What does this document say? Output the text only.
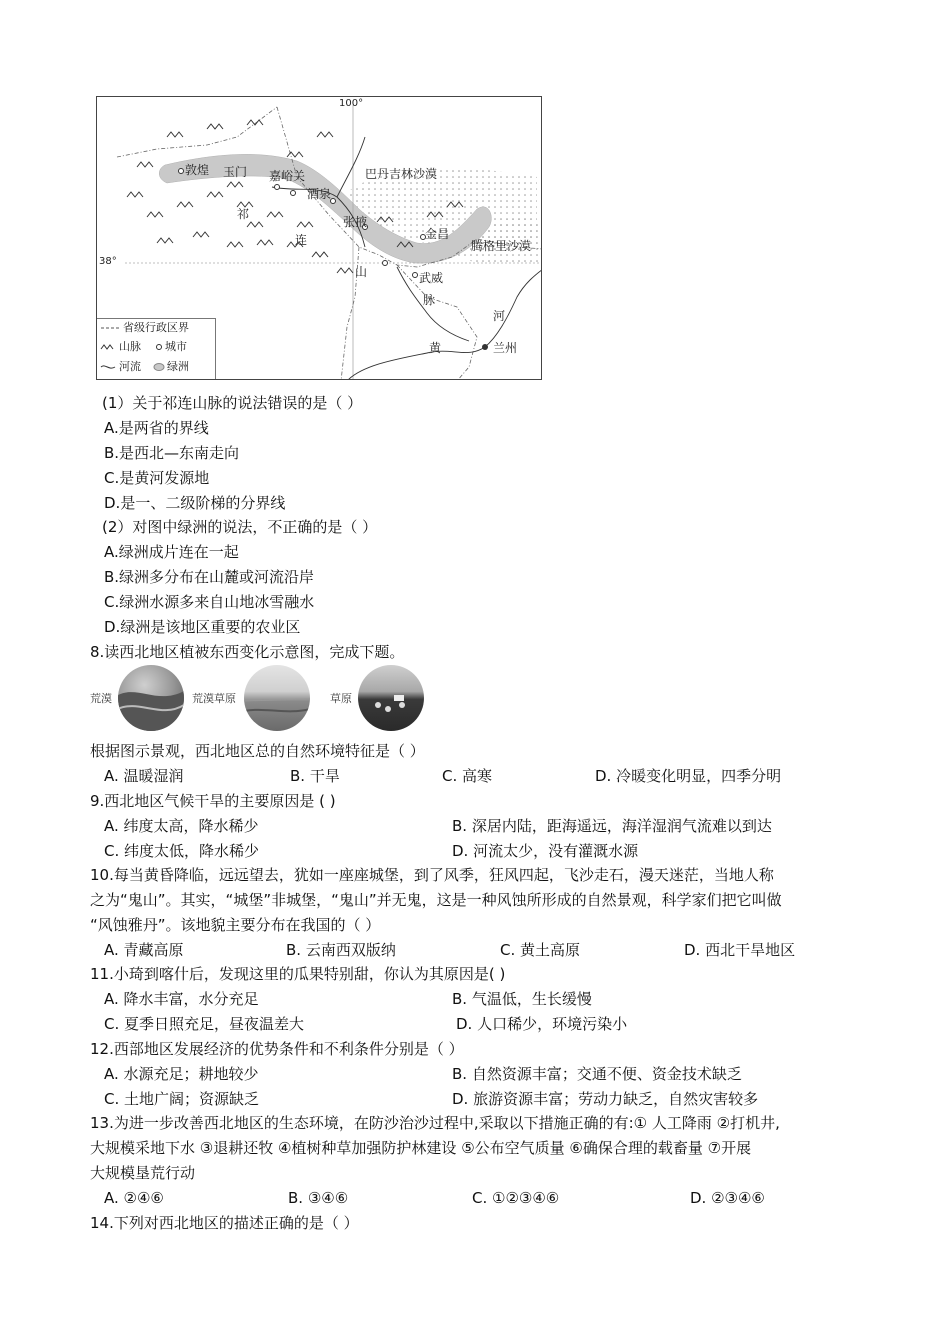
100°
38°
敦煌 玉门 嘉峪关
酒泉
巴丹吉林沙漠
祁
连
张掖
金昌
腾格里沙漠
山	武威
脉
河
黄	兰州
省级行政区界
山脉 城市
河流 绿洲
(1）关于祁连山脉的说法错误的是（ ）
A.是两省的界线
B.是西北—东南走向
C.是黄河发源地
D.是一、二级阶梯的分界线
(2）对图中绿洲的说法，不正确的是（ ）
A.绿洲成片连在一起
B.绿洲多分布在山麓或河流沿岸
C.绿洲水源多来自山地冰雪融水
D.绿洲是该地区重要的农业区
8.读西北地区植被东西变化示意图，完成下题。
荒漠	荒漠草原	草原
根据图示景观，西北地区总的自然环境特征是（ ）
A. 温暖湿润	B. 干旱	C. 高寒	D. 冷暖变化明显，四季分明
9.西北地区气候干旱的主要原因是 ( )
A. 纬度太高，降水稀少	B. 深居内陆，距海遥远，海洋湿润气流难以到达
C. 纬度太低，降水稀少	D. 河流太少，没有灌溉水源
10.每当黄昏降临，远远望去，犹如一座座城堡，到了风季，狂风四起，飞沙走石，漫天迷茫，当地人称
之为“鬼山”。其实，“城堡”非城堡，“鬼山”并无鬼，这是一种风蚀所形成的自然景观，科学家们把它叫做
“风蚀雅丹”。该地貌主要分布在我国的（ ）
A. 青藏高原	B. 云南西双版纳	C. 黄土高原	D. 西北干旱地区
11.小琦到喀什后，发现这里的瓜果特别甜，你认为其原因是( )
A. 降水丰富，水分充足	B. 气温低，生长缓慢
C. 夏季日照充足，昼夜温差大	D. 人口稀少，环境污染小
12.西部地区发展经济的优势条件和不利条件分别是（ ）
A. 水源充足；耕地较少	B. 自然资源丰富；交通不便、资金技术缺乏
C. 土地广阔；资源缺乏	D. 旅游资源丰富；劳动力缺乏，自然灾害较多
13.为进一步改善西北地区的生态环境，在防沙治沙过程中,采取以下措施正确的有:① 人工降雨 ②打机井,
大规模采地下水 ③退耕还牧 ④植树种草加强防护林建设 ⑤公布空气质量 ⑥确保合理的载畜量 ⑦开展
大规模垦荒行动
A. ②④⑥	B. ③④⑥	C. ①②③④⑥	D. ②③④⑥
14.下列对西北地区的描述正确的是（ ）
